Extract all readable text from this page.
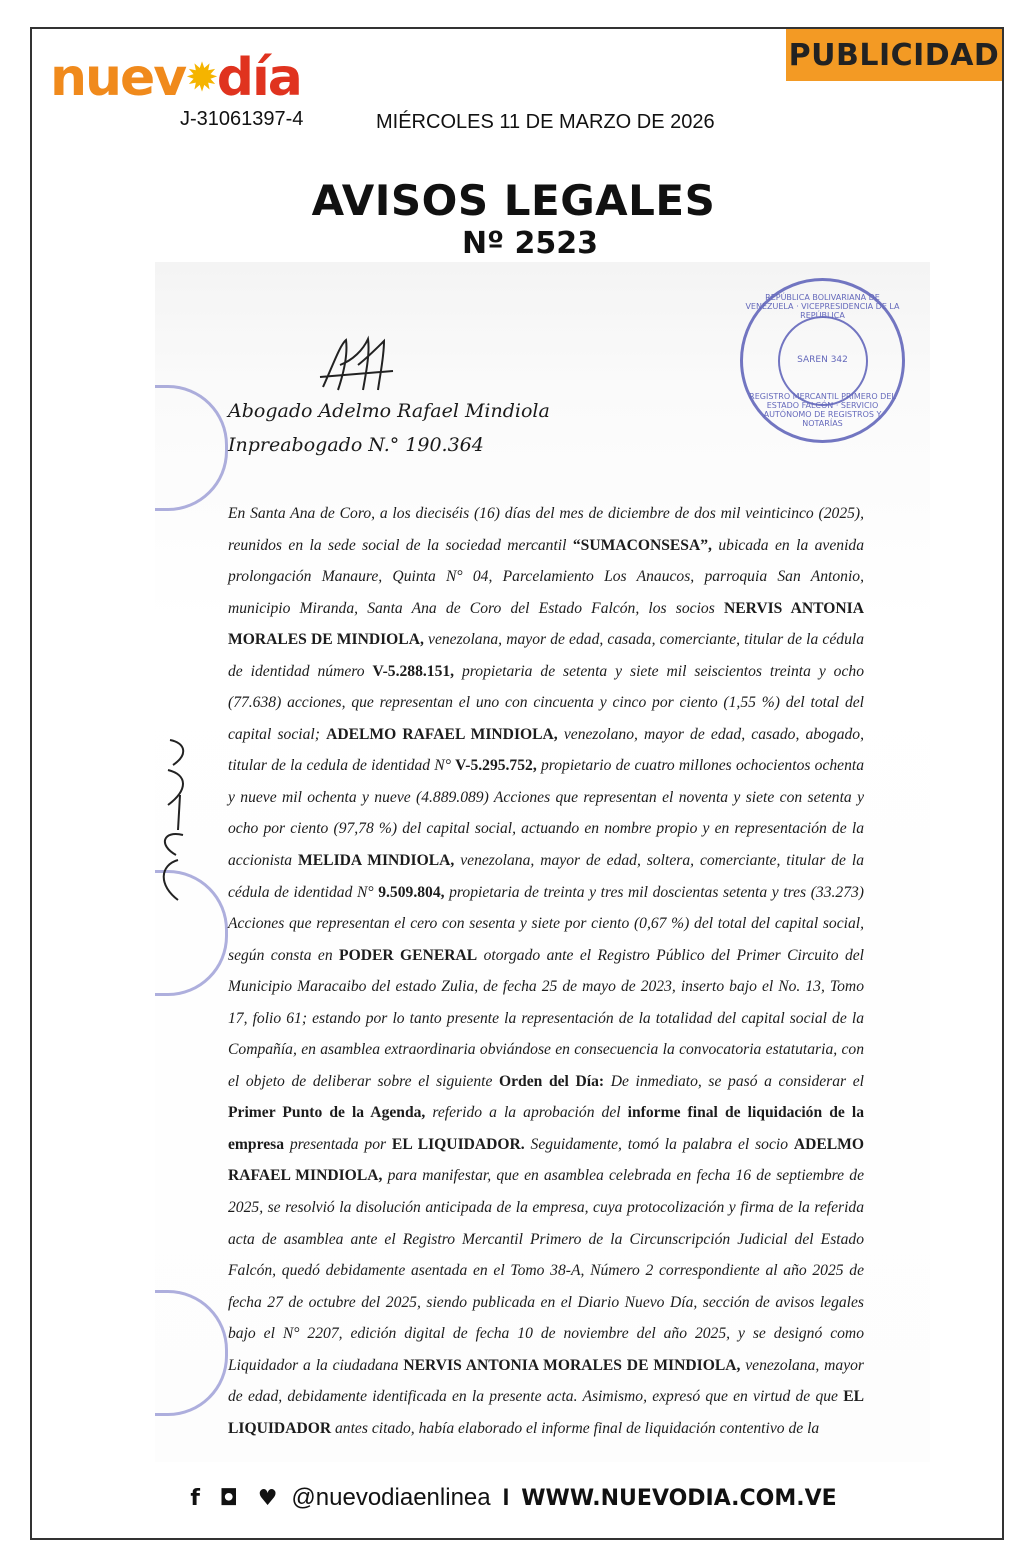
nuev✹día
J-31061397-4
PUBLICIDAD
MIÉRCOLES 11 DE MARZO DE 2026
AVISOS LEGALES
Nº 2523
REPÚBLICA BOLIVARIANA DE VENEZUELA · VICEPRESIDENCIA DE LA REPÚBLICA
SAREN 342
REGISTRO MERCANTIL PRIMERO DEL ESTADO FALCÓN · SERVICIO AUTÓNOMO DE REGISTROS Y NOTARÍAS
Abogado Adelmo Rafael Mindiola
Inpreabogado N.° 190.364
En Santa Ana de Coro, a los dieciséis (16) días del mes de diciembre de dos mil veinticinco (2025), reunidos en la sede social de la sociedad mercantil “SUMACONSESA”, ubicada en la avenida prolongación Manaure, Quinta N° 04, Parcelamiento Los Anaucos, parroquia San Antonio, municipio Miranda, Santa Ana de Coro del Estado Falcón, los socios NERVIS ANTONIA MORALES DE MINDIOLA, venezolana, mayor de edad, casada, comerciante, titular de la cédula de identidad número V-5.288.151, propietaria de setenta y siete mil seiscientos treinta y ocho (77.638) acciones, que representan el uno con cincuenta y cinco por ciento (1,55 %) del total del capital social; ADELMO RAFAEL MINDIOLA, venezolano, mayor de edad, casado, abogado, titular de la cedula de identidad N° V-5.295.752, propietario de cuatro millones ochocientos ochenta y nueve mil ochenta y nueve (4.889.089) Acciones que representan el noventa y siete con setenta y ocho por ciento (97,78 %) del capital social, actuando en nombre propio y en representación de la accionista MELIDA MINDIOLA, venezolana, mayor de edad, soltera, comerciante, titular de la cédula de identidad N° 9.509.804, propietaria de treinta y tres mil doscientas setenta y tres (33.273) Acciones que representan el cero con sesenta y siete por ciento (0,67 %) del total del capital social, según consta en PODER GENERAL otorgado ante el Registro Público del Primer Circuito del Municipio Maracaibo del estado Zulia, de fecha 25 de mayo de 2023, inserto bajo el No. 13, Tomo 17, folio 61; estando por lo tanto presente la representación de la totalidad del capital social de la Compañía, en asamblea extraordinaria obviándose en consecuencia la convocatoria estatutaria, con el objeto de deliberar sobre el siguiente Orden del Día: De inmediato, se pasó a considerar el Primer Punto de la Agenda, referido a la aprobación del informe final de liquidación de la empresa presentada por EL LIQUIDADOR. Seguidamente, tomó la palabra el socio ADELMO RAFAEL MINDIOLA, para manifestar, que en asamblea celebrada en fecha 16 de septiembre de 2025, se resolvió la disolución anticipada de la empresa, cuya protocolización y firma de la referida acta de asamblea ante el Registro Mercantil Primero de la Circunscripción Judicial del Estado Falcón, quedó debidamente asentada en el Tomo 38-A, Número 2 correspondiente al año 2025 de fecha 27 de octubre del 2025, siendo publicada en el Diario Nuevo Día, sección de avisos legales bajo el N° 2207, edición digital de fecha 10 de noviembre del año 2025, y se designó como Liquidador a la ciudadana NERVIS ANTONIA MORALES DE MINDIOLA, venezolana, mayor de edad, debidamente identificada en la presente acta. Asimismo, expresó que en virtud de que EL LIQUIDADOR antes citado, había elaborado el informe final de liquidación contentivo de la
f ◘ ♥ @nuevodiaenlinea I WWW.NUEVODIA.COM.VE
